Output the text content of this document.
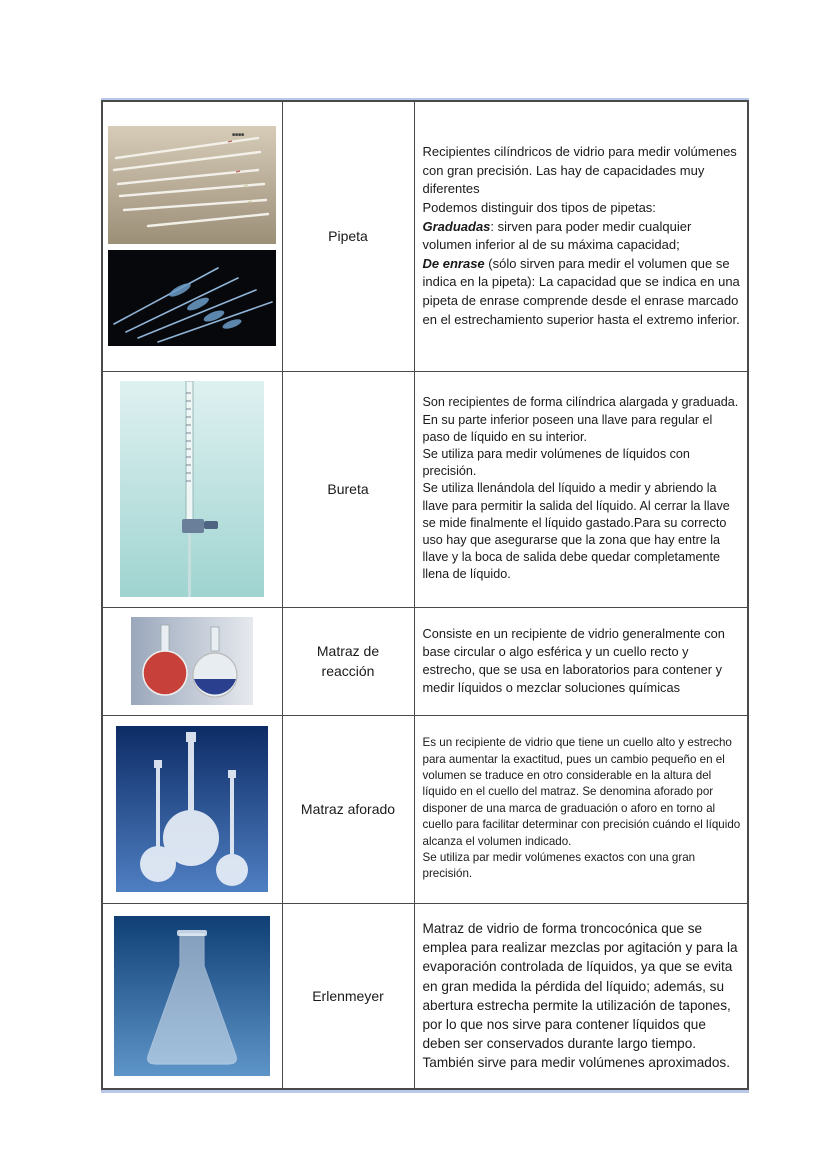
■■■■	Pipeta	Recipientes cilíndricos de vidrio para medir volúmenes con gran precisión. Las hay de capacidades muy diferentes

Podemos distinguir dos tipos de pipetas:

Graduadas: sirven para poder medir cualquier volumen inferior al de su máxima capacidad;

De enrase (sólo sirven para medir el volumen que se indica en la pipeta): La capacidad que se indica en una pipeta de enrase comprende desde el enrase marcado en el estrechamiento superior hasta el extremo inferior.

	Bureta	Son recipientes de forma cilíndrica alargada y graduada. En su parte inferior poseen una llave para regular el paso de líquido en su interior.

Se utiliza para medir volúmenes de líquidos con precisión.

Se utiliza llenándola del líquido a medir y abriendo la llave para permitir la salida del líquido. Al cerrar la llave se mide finalmente el líquido gastado.Para su correcto uso hay que asegurarse que la zona que hay entre la llave y la boca de salida debe quedar completamente llena de líquido.

	Matraz de reacción	Consiste en un recipiente de vidrio generalmente con base circular o algo esférica y un cuello recto y estrecho, que se usa en laboratorios para contener y medir líquidos o mezclar soluciones químicas

	Matraz aforado	Es un recipiente de vidrio que tiene un cuello alto y estrecho para aumentar la exactitud, pues un cambio pequeño en el volumen se traduce en otro considerable en la altura del líquido en el cuello del matraz. Se denomina aforado por disponer de una marca de graduación o aforo en torno al cuello para facilitar determinar con precisión cuándo el líquido alcanza el volumen indicado.

Se utiliza par medir volúmenes exactos con una gran precisión.

	Erlenmeyer	Matraz de vidrio de forma troncocónica que se emplea para realizar mezclas por agitación y para la evaporación controlada de líquidos, ya que se evita en gran medida la pérdida del líquido; además, su abertura estrecha permite la utilización de tapones, por lo que nos sirve para contener líquidos que deben ser conservados durante largo tiempo. También sirve para medir volúmenes aproximados.
